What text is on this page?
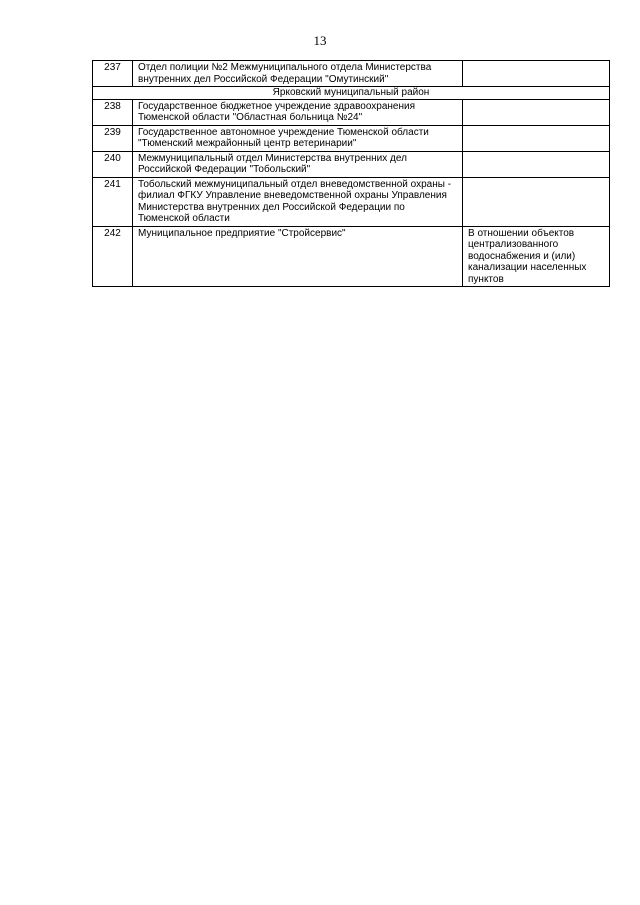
13
237	Отдел полиции №2 Межмуниципального отдела Министерства внутренних дел Российской Федерации "Омутинский"	
Ярковский муниципальный район		
238	Государственное бюджетное учреждение здравоохранения Тюменской области "Областная больница №24"	
239	Государственное автономное учреждение Тюменской области "Тюменский межрайонный центр ветеринарии"	
240	Межмуниципальный отдел Министерства внутренних дел Российской Федерации "Тобольский"	
241	Тобольский межмуниципальный отдел вневедомственной охраны - филиал ФГКУ Управление вневедомственной охраны Управления Министерства внутренних дел Российской Федерации по Тюменской области	
242	Муниципальное предприятие "Стройсервис"	В отношении объектов централизованного водоснабжения и (или) канализации населенных пунктов
